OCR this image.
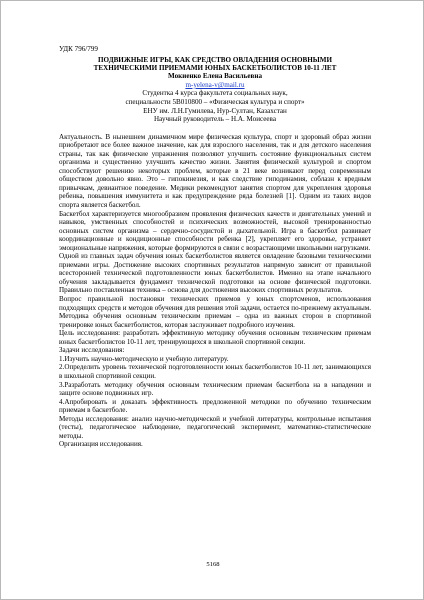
УДК 796/799

ПОДВИЖНЫЕ ИГРЫ, КАК СРЕДСТВО ОВЛАДЕНИЯ ОСНОВНЫМИ

ТЕХНИЧЕСКИМИ ПРИЕМАМИ ЮНЫХ БАСКЕТБОЛИСТОВ 10-11 ЛЕТ

Мокиенко Елена Васильевна

m-yelena-v@mail.ru

Студентка 4 курса факультета социальных наук,

специальности 5В010800 – «Физическая культура и спорт»

ЕНУ им. Л.Н.Гумилева, Нур-Султан, Казахстан

Научный руководитель – Н.А. Моисеева

Актуальность. В нынешнем динамичном мире физическая культура, спорт и здоровый образ жизни приобретают все более важное значение, как для взрослого населения, так и для детского населения страны, так как физические упражнения позволяют улучшить состояние функциональных систем организма и существенно улучшить качество жизни. Занятия физической культурой и спортом способствуют решению некоторых проблем, которые в 21 веке возникают перед современным обществом довольно явно. Это – гипокинезия, и как следствие гиподинамия, соблазн к вредным привычкам, девиантное поведение. Медики рекомендуют занятия спортом для укрепления здоровья ребенка, повышения иммунитета и как предупреждение ряда болезней [1]. Одним из таких видов спорта является баскетбол.

Баскетбол характеризуется многообразием проявления физических качеств и двигательных умений и навыков, умственных способностей и психических возможностей, высокой тренированностью основных систем организма – сердечно-сосудистой и дыхательной. Игра в баскетбол развивает координационные и кондиционные способности ребенка [2], укрепляет его здоровье, устраняет эмоциональные напряжения, которые формируются в связи с возрастающими школьными нагрузками.

Одной из главных задач обучения юных баскетболистов является овладение базовыми техническими приемами игры. Достижение высоких спортивных результатов напрямую зависит от правильной всесторонней технической подготовленности юных баскетболистов. Именно на этапе начального обучения закладывается фундамент технической подготовки на основе физической подготовки. Правильно поставленная техника – основа для достижения высоких спортивных результатов.

Вопрос правильной постановки технических приемов у юных спортсменов, использования подходящих средств и методов обучения для решения этой задачи, остается по-прежнему актуальным. Методика обучения основным техническим приемам – одна из важных сторон в спортивной тренировке юных баскетболистов, которая заслуживает подробного изучения.

Цель исследования: разработать эффективную методику обучения основным техническим приемам юных баскетболистов 10-11 лет, тренирующихся в школьной спортивной секции.

Задачи исследования:

1.Изучить научно-методическую и учебную литературу.

2.Определить уровень технической подготовленности юных баскетболистов 10-11 лет, занимающихся в школьной спортивной секции.

3.Разработать методику обучения основным техническим приемам баскетбола на в нападении и защите основе подвижных игр.

4.Апробировать и доказать эффективность предложенной методики по обучению техническим приемам в баскетболе.

Методы исследования: анализ научно-методической и учебной литературы, контрольные испытания (тесты), педагогическое наблюдение, педагогический эксперимент, математико-статистические методы.

Организация исследования.

5168
